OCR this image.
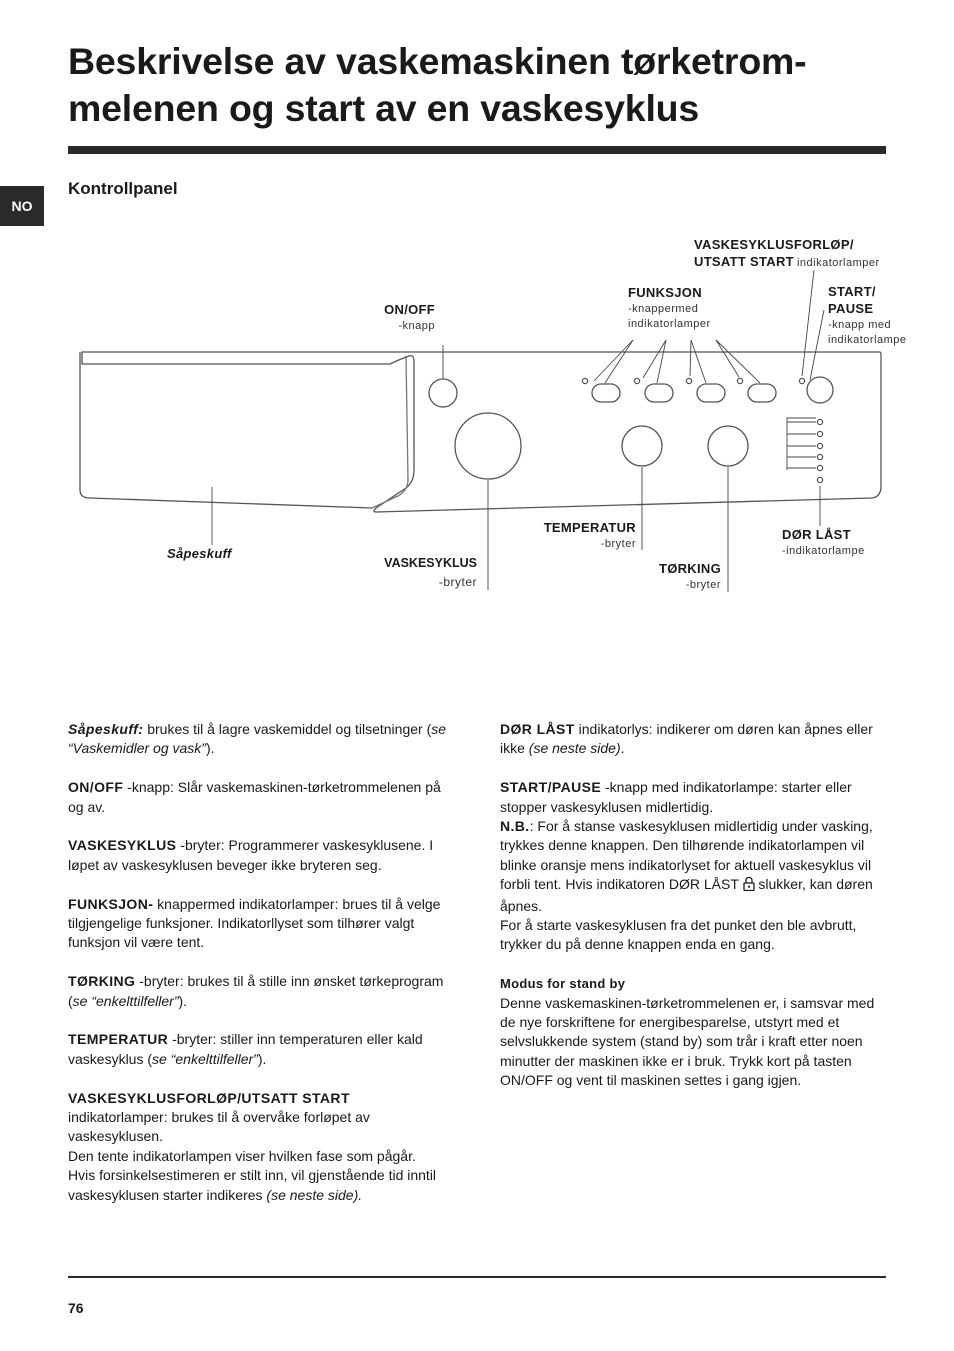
Beskrivelse av vaskemaskinen tørketrom-
melenen og start av en vaskesyklus
NO
Kontrollpanel
ON/OFF
-knapp
FUNKSJON
-knappermed
indikatorlamper
VASKESYKLUSFORLØP/
UTSATT START indikatorlamper
START/
PAUSE
-knapp med
indikatorlampe
Såpeskuff
VASKESYKLUS
-bryter
TEMPERATUR
-bryter
TØRKING
-bryter
DØR LÅST
-indikatorlampe

Såpeskuff: brukes til å lagre vaskemiddel og tilsetninger (se “Vaskemidler og vask”).

ON/OFF -knapp: Slår vaskemaskinen-tørketrommelenen på og av.

VASKESYKLUS -bryter: Programmerer vaskesyklusene. I løpet av vaskesyklusen beveger ikke bryteren seg.

FUNKSJON- knappermed indikatorlamper: brues til å velge tilgjengelige funksjoner. Indikatorllyset som tilhører valgt funksjon vil være tent.

TØRKING -bryter: brukes til å stille inn ønsket tørkeprogram (se “enkelttilfeller”).

TEMPERATUR -bryter: stiller inn temperaturen eller kald vaskesyklus (se “enkelttilfeller”).

VASKESYKLUSFORLØP/UTSATT START
indikatorlamper: brukes til å overvåke forløpet av vaskesyklusen.
Den tente indikatorlampen viser hvilken fase som pågår.
Hvis forsinkelsestimeren er stilt inn, vil gjenstående tid inntil vaskesyklusen starter indikeres (se neste side).

DØR LÅST indikatorlys: indikerer om døren kan åpnes eller ikke (se neste side).

START/PAUSE -knapp med indikatorlampe: starter eller stopper vaskesyklusen midlertidig.
N.B.: For å stanse vaskesyklusen midlertidig under vasking, trykkes denne knappen. Den tilhørende indikatorlampen vil blinke oransje mens indikatorlyset for aktuell vaskesyklus vil forbli tent. Hvis indikatoren DØR LÅST  slukker, kan døren åpnes.
For å starte vaskesyklusen fra det punket den ble avbrutt, trykker du på denne knappen enda en gang.

Modus for stand by

Denne vaskemaskinen-tørketrommelenen er, i samsvar med de nye forskriftene for energibesparelse, utstyrt med et selvslukkende system (stand by) som trår i kraft etter noen minutter der maskinen ikke er i bruk. Trykk kort på tasten ON/OFF og vent til maskinen settes i gang igjen.

76
